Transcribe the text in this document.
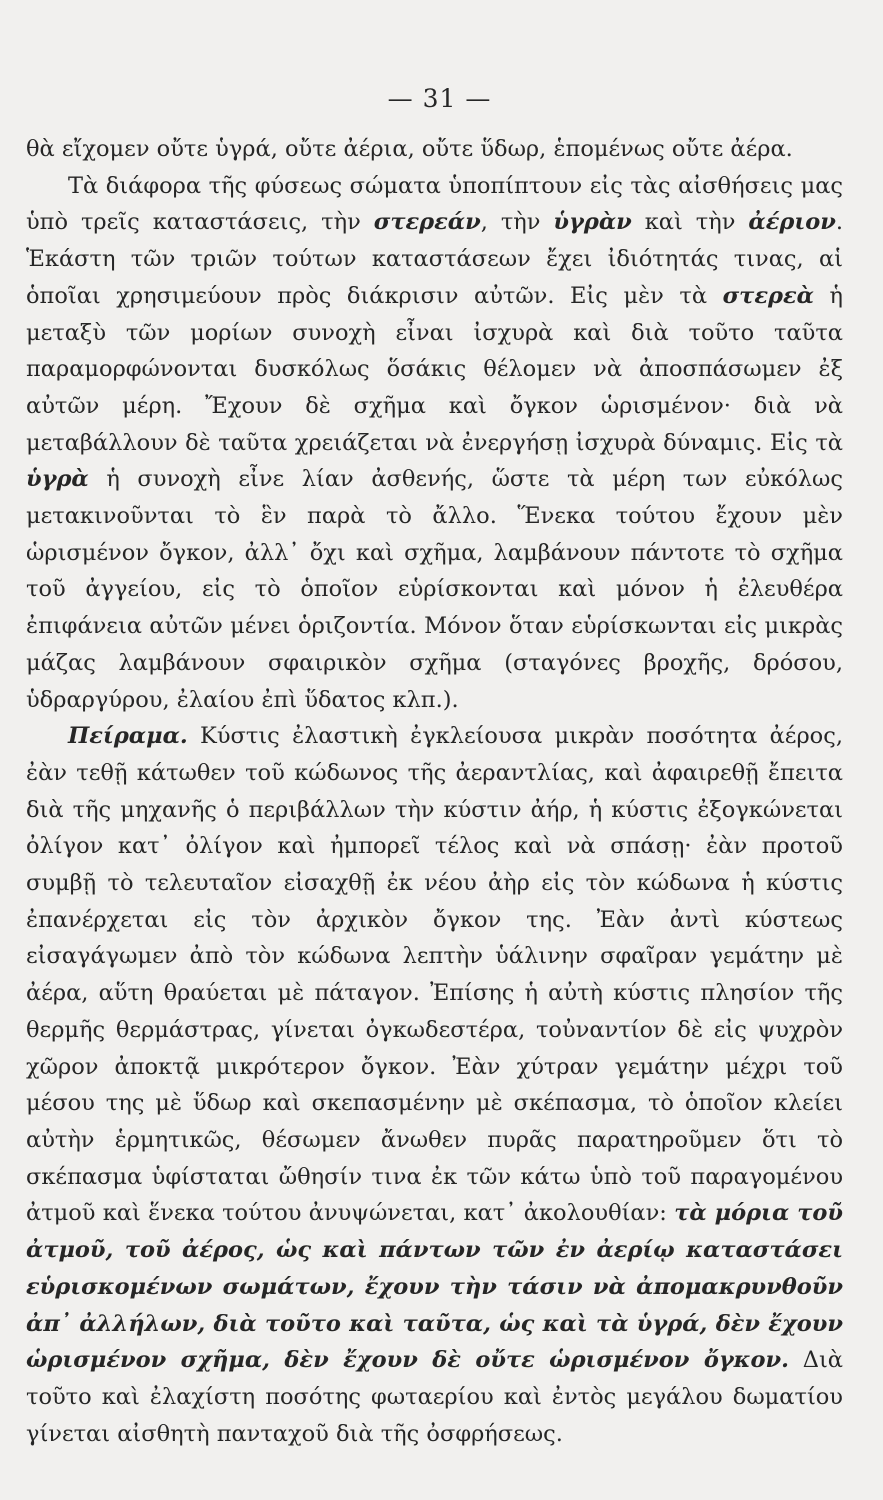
— 31 —

θὰ εἴχομεν οὔτε ὑγρά, οὔτε ἀέρια, οὔτε ὕδωρ, ἑπομένως οὔτε ἀέρα.

Τὰ διάφορα τῆς φύσεως σώματα ὑποπίπτουν εἰς τὰς αἰσθήσεις μας ὑπὸ τρεῖς καταστάσεις, τὴν στερεάν, τὴν ὑγρὰν καὶ τὴν ἀέριον. Ἑκάστη τῶν τριῶν τούτων καταστάσεων ἔχει ἰδιότητάς τινας, αἱ ὁποῖαι χρησιμεύουν πρὸς διάκρισιν αὐτῶν. Εἰς μὲν τὰ στερεὰ ἡ μεταξὺ τῶν μορίων συνοχὴ εἶναι ἰσχυρὰ καὶ διὰ τοῦτο ταῦτα παραμορφώνονται δυσκόλως ὅσάκις θέλομεν νὰ ἀποσπάσωμεν ἐξ αὐτῶν μέρη. Ἔχουν δὲ σχῆμα καὶ ὄγκον ὡρισμένον· διὰ νὰ μεταβάλλουν δὲ ταῦτα χρειάζεται νὰ ἐνεργήσῃ ἰσχυρὰ δύναμις. Εἰς τὰ ὑγρὰ ἡ συνοχὴ εἶνε λίαν ἀσθενής, ὥστε τὰ μέρη των εὐκόλως μετακινοῦνται τὸ ἓν παρὰ τὸ ἄλλο. Ἕνεκα τούτου ἔχουν μὲν ὡρισμένον ὄγκον, ἀλλ᾿ ὄχι καὶ σχῆμα, λαμβάνουν πάντοτε τὸ σχῆμα τοῦ ἀγγείου, εἰς τὸ ὁποῖον εὑρίσκονται καὶ μόνον ἡ ἐλευθέρα ἐπιφάνεια αὐτῶν μένει ὁριζοντία. Μόνον ὅταν εὑρίσκωνται εἰς μικρὰς μάζας λαμβάνουν σφαιρικὸν σχῆμα (σταγόνες βροχῆς, δρόσου, ὑδραργύρου, ἐλαίου ἐπὶ ὕδατος κλπ.).

Πείραμα. Κύστις ἐλαστικὴ ἐγκλείουσα μικρὰν ποσότητα ἀέρος, ἐὰν τεθῇ κάτωθεν τοῦ κώδωνος τῆς ἀεραντλίας, καὶ ἀφαιρεθῇ ἔπειτα διὰ τῆς μηχανῆς ὁ περιβάλλων τὴν κύστιν ἀήρ, ἡ κύστις ἐξογκώνεται ὀλίγον κατ᾿ ὀλίγον καὶ ἠμπορεῖ τέλος καὶ νὰ σπάσῃ· ἐὰν προτοῦ συμβῇ τὸ τελευταῖον εἰσαχθῇ ἐκ νέου ἀὴρ εἰς τὸν κώδωνα ἡ κύστις ἐπανέρχεται εἰς τὸν ἀρχικὸν ὄγκον της. Ἐὰν ἀντὶ κύστεως εἰσαγάγωμεν ἀπὸ τὸν κώδωνα λεπτὴν ὑάλινην σφαῖραν γεμάτην μὲ ἀέρα, αὕτη θραύεται μὲ πάταγον. Ἐπίσης ἡ αὐτὴ κύστις πλησίον τῆς θερμῆς θερμάστρας, γίνεται ὀγκωδεστέρα, τοὐναντίον δὲ εἰς ψυχρὸν χῶρον ἀποκτᾷ μικρότερον ὄγκον. Ἐὰν χύτραν γεμάτην μέχρι τοῦ μέσου της μὲ ὕδωρ καὶ σκεπασμένην μὲ σκέπασμα, τὸ ὁποῖον κλείει αὐτὴν ἑρμητικῶς, θέσωμεν ἄνωθεν πυρᾶς παρατηροῦμεν ὅτι τὸ σκέπασμα ὑφίσταται ὤθησίν τινα ἐκ τῶν κάτω ὑπὸ τοῦ παραγομένου ἀτμοῦ καὶ ἕνεκα τούτου ἀνυψώνεται, κατ᾿ ἀκολουθίαν: τὰ μόρια τοῦ ἀτμοῦ, τοῦ ἀέρος, ὡς καὶ πάντων τῶν ἐν ἀερίῳ καταστάσει εὑρισκομένων σωμάτων, ἔχουν τὴν τάσιν νὰ ἀπομακρυνθοῦν ἀπ᾿ ἀλλήλων, διὰ τοῦτο καὶ ταῦτα, ὡς καὶ τὰ ὑγρά, δὲν ἔχουν ὡρισμένον σχῆμα, δὲν ἔχουν δὲ οὔτε ὡρισμένον ὄγκον. Διὰ τοῦτο καὶ ἐλαχίστη ποσότης φωταερίου καὶ ἐντὸς μεγάλου δωματίου γίνεται αἰσθητὴ πανταχοῦ διὰ τῆς ὀσφρήσεως.
